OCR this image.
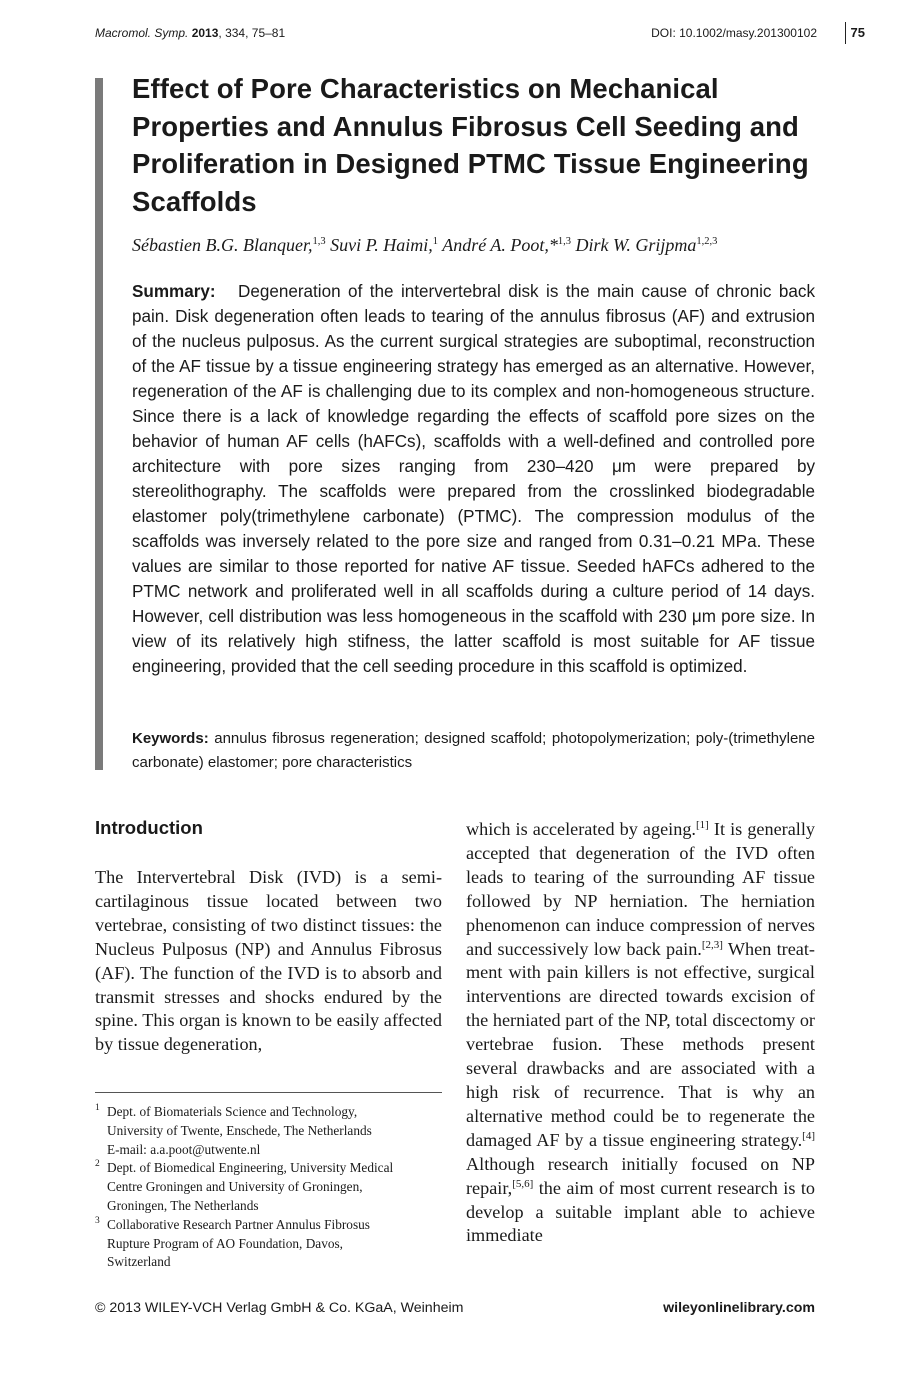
Macromol. Symp. 2013, 334, 75–81	DOI: 10.1002/masy.201300102	75
Effect of Pore Characteristics on Mechanical Properties and Annulus Fibrosus Cell Seeding and Proliferation in Designed PTMC Tissue Engineering Scaffolds
Sébastien B.G. Blanquer,$^{1,3}$ Suvi P. Haimi,$^1$ André A. Poot,*$^{1,3}$ Dirk W. Grijpma$^{1,2,3}$

Summary: Degeneration of the intervertebral disk is the main cause of chronic back pain. Disk degeneration often leads to tearing of the annulus fibrosus (AF) and extrusion of the nucleus pulposus. As the current surgical strategies are suboptimal, reconstruction of the AF tissue by a tissue engineering strategy has emerged as an alternative. However, regeneration of the AF is challenging due to its complex and non-homogeneous structure. Since there is a lack of knowledge regarding the effects of scaffold pore sizes on the behavior of human AF cells (hAFCs), scaffolds with a well-defined and controlled pore architecture with pore sizes ranging from 230–420 μm were prepared by stereolithography. The scaffolds were prepared from the crosslinked biodegradable elastomer poly(trimethylene carbonate) (PTMC). The compression modulus of the scaffolds was inversely related to the pore size and ranged from 0.31–0.21 MPa. These values are similar to those reported for native AF tissue. Seeded hAFCs adhered to the PTMC network and proliferated well in all scaffolds during a culture period of 14 days. However, cell distribution was less homogeneous in the scaffold with 230 μm pore size. In view of its relatively high stifness, the latter scaffold is most suitable for AF tissue engineering, provided that the cell seeding procedure in this scaffold is optimized.

Keywords: annulus fibrosus regeneration; designed scaffold; photopolymerization; poly-(trimethylene carbonate) elastomer; pore characteristics

Introduction

The Intervertebral Disk (IVD) is a semi-cartilaginous tissue located between two vertebrae, consisting of two distinct tissues: the Nucleus Pulposus (NP) and Annulus Fibrosus (AF). The function of the IVD is to absorb and transmit stresses and shocks endured by the spine. This organ is known to be easily affected by tissue degeneration,

which is accelerated by ageing.[1] It is generally accepted that degeneration of the IVD often leads to tearing of the surrounding AF tissue followed by NP herniation. The herniation phenomenon can induce compression of nerves and successively low back pain.[2,3] When treat-ment with pain killers is not effective, surgical interventions are directed towards excision of the herniated part of the NP, total discectomy or vertebrae fusion. These methods present several drawbacks and are associated with a high risk of recurrence. That is why an alternative method could be to regenerate the damaged AF by a tissue engineering strategy.[4] Although research initially focused on NP repair,[5,6] the aim of most current research is to develop a suitable implant able to achieve immediate

1 Dept. of Biomaterials Science and Technology,
University of Twente, Enschede, The Netherlands
E-mail: a.a.poot@utwente.nl
2 Dept. of Biomedical Engineering, University Medical
Centre Groningen and University of Groningen,
Groningen, The Netherlands
3 Collaborative Research Partner Annulus Fibrosus
Rupture Program of AO Foundation, Davos,
Switzerland
© 2013 WILEY-VCH Verlag GmbH & Co. KGaA, Weinheim	wileyonlinelibrary.com
